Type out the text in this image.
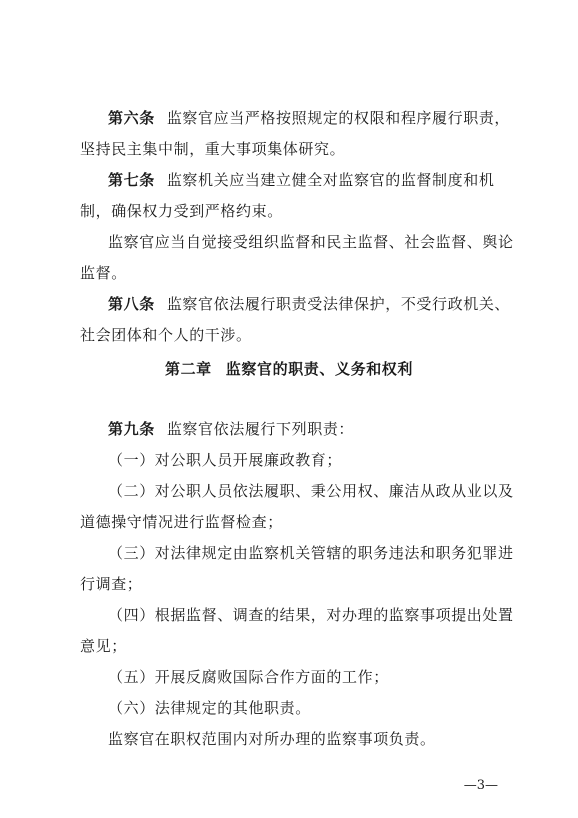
第六条 监察官应当严格按照规定的权限和程序履行职责，
坚持民主集中制，重大事项集体研究。
第七条 监察机关应当建立健全对监察官的监督制度和机
制，确保权力受到严格约束。
监察官应当自觉接受组织监督和民主监督、社会监督、舆论
监督。
第八条 监察官依法履行职责受法律保护，不受行政机关、
社会团体和个人的干涉。
第二章 监察官的职责、义务和权利
第九条 监察官依法履行下列职责：
（一）对公职人员开展廉政教育；
（二）对公职人员依法履职、秉公用权、廉洁从政从业以及
道德操守情况进行监督检查；
（三）对法律规定由监察机关管辖的职务违法和职务犯罪进
行调查；
（四）根据监督、调查的结果，对办理的监察事项提出处置
意见；
（五）开展反腐败国际合作方面的工作；
（六）法律规定的其他职责。
监察官在职权范围内对所办理的监察事项负责。
—3—
